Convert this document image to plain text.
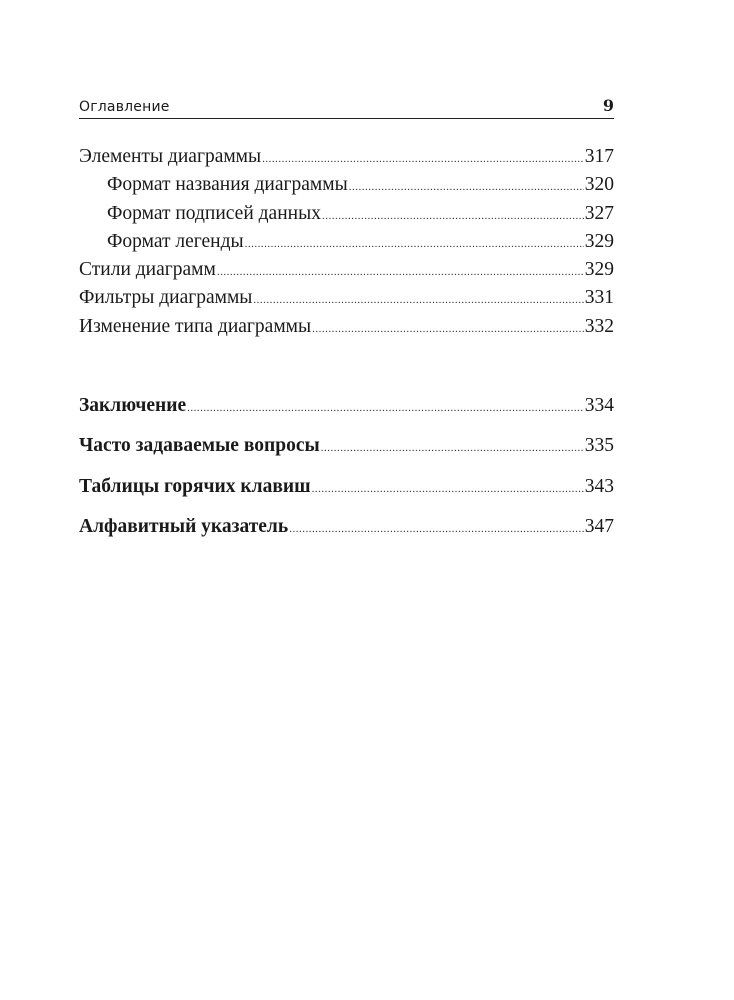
Оглавление	9
Элементы диаграммы .....	317
Формат названия диаграммы .....	320
Формат подписей данных .....	327
Формат легенды .....	329
Стили диаграмм .....	329
Фильтры диаграммы .....	331
Изменение типа диаграммы .....	332
Заключение .....	334
Часто задаваемые вопросы .....	335
Таблицы горячих клавиш .....	343
Алфавитный указатель .....	347
